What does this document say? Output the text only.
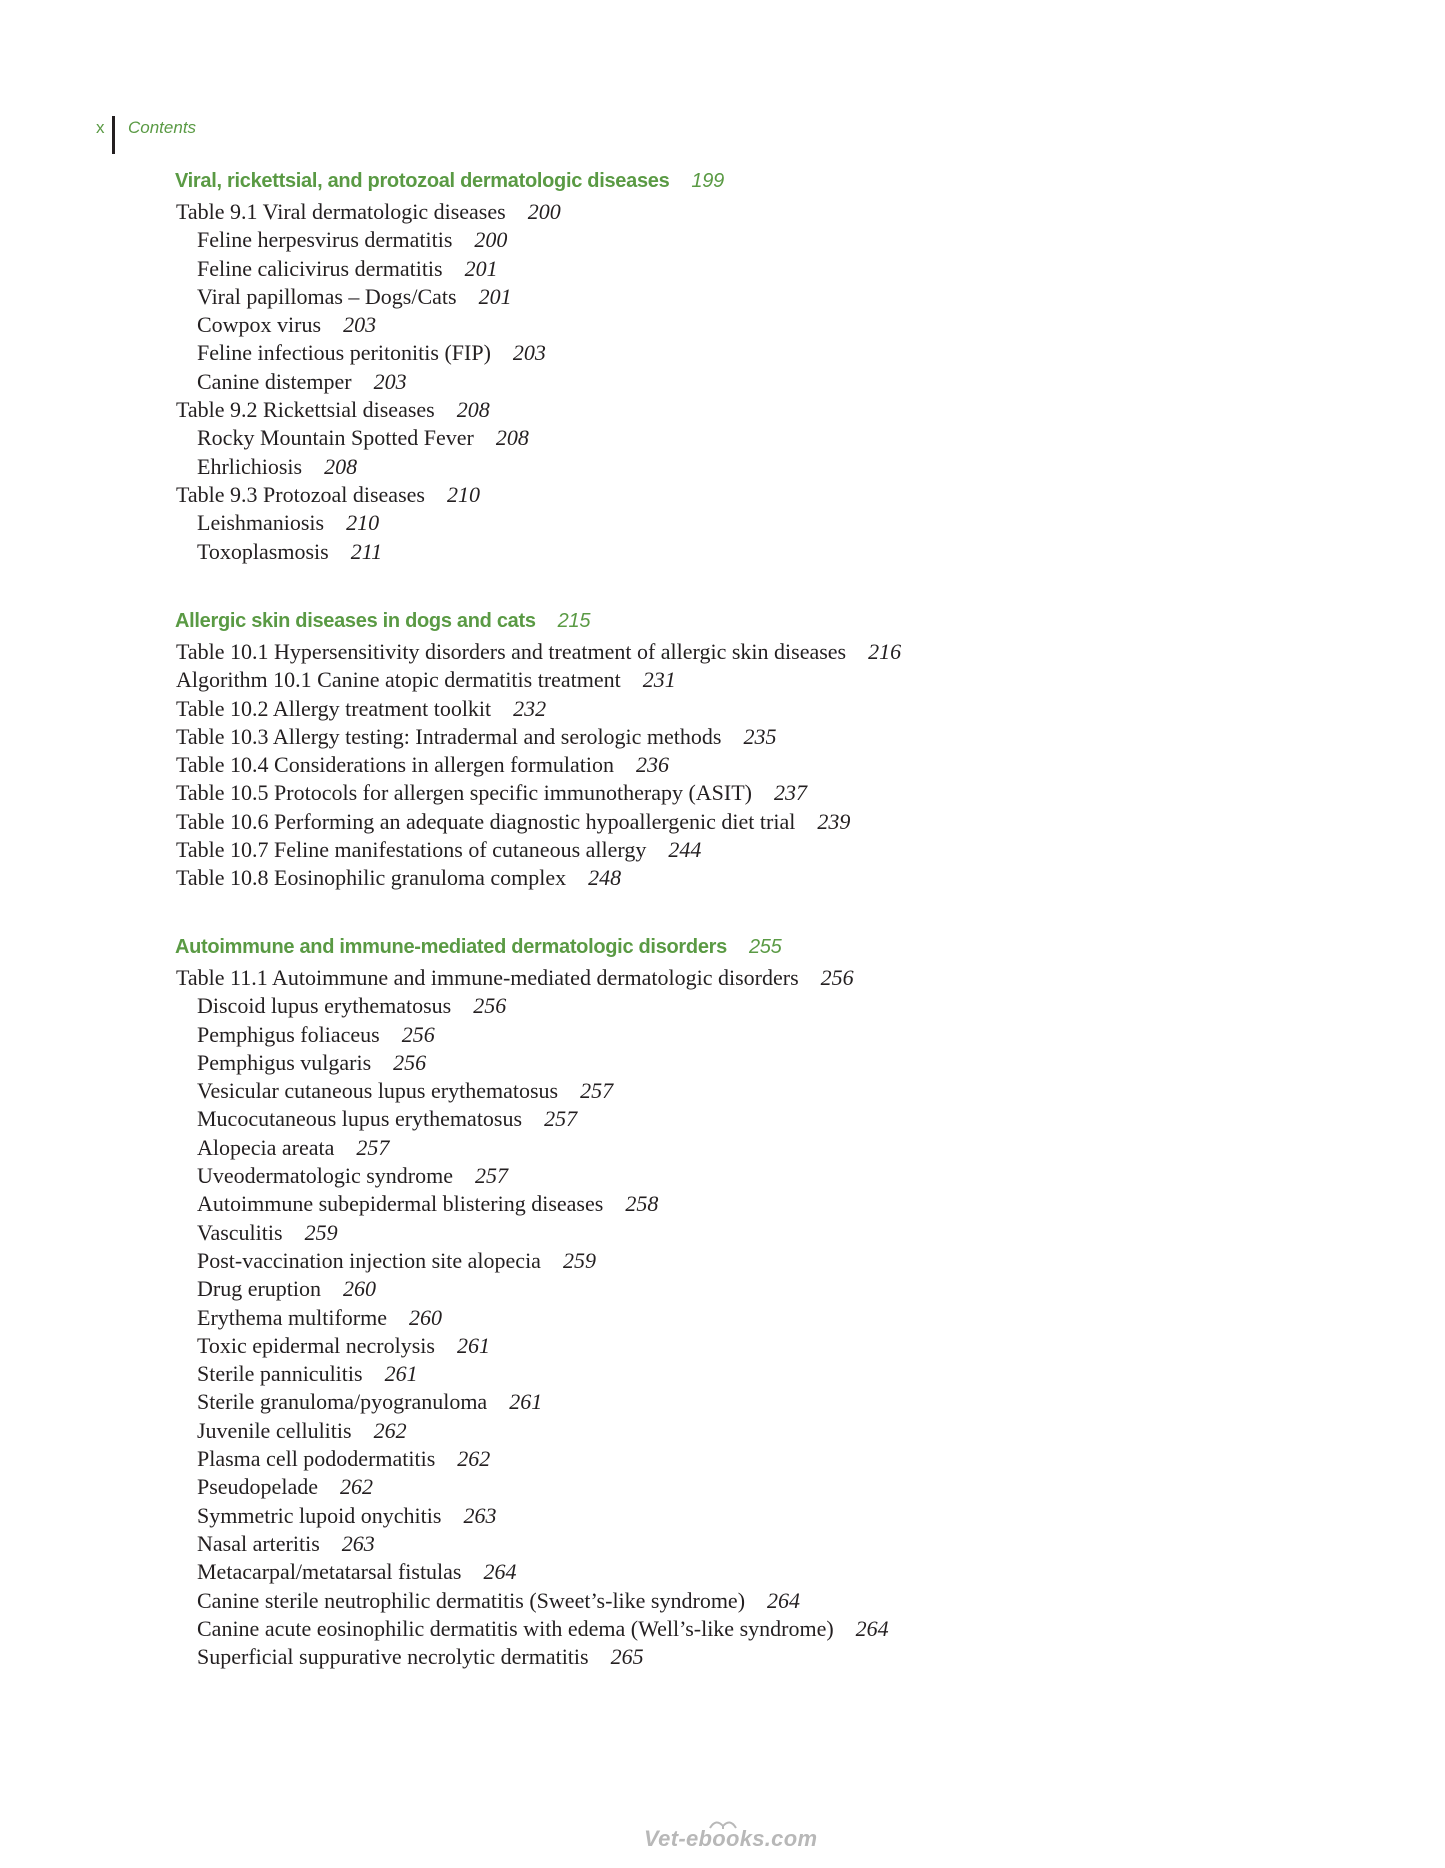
x Contents
Viral, rickettsial, and protozoal dermatologic diseases 199
Table 9.1 Viral dermatologic diseases 200
Feline herpesvirus dermatitis 200
Feline calicivirus dermatitis 201
Viral papillomas – Dogs/Cats 201
Cowpox virus 203
Feline infectious peritonitis (FIP) 203
Canine distemper 203
Table 9.2 Rickettsial diseases 208
Rocky Mountain Spotted Fever 208
Ehrlichiosis 208
Table 9.3 Protozoal diseases 210
Leishmaniosis 210
Toxoplasmosis 211
Allergic skin diseases in dogs and cats 215
Table 10.1 Hypersensitivity disorders and treatment of allergic skin diseases 216
Algorithm 10.1 Canine atopic dermatitis treatment 231
Table 10.2 Allergy treatment toolkit 232
Table 10.3 Allergy testing: Intradermal and serologic methods 235
Table 10.4 Considerations in allergen formulation 236
Table 10.5 Protocols for allergen specific immunotherapy (ASIT) 237
Table 10.6 Performing an adequate diagnostic hypoallergenic diet trial 239
Table 10.7 Feline manifestations of cutaneous allergy 244
Table 10.8 Eosinophilic granuloma complex 248
Autoimmune and immune-mediated dermatologic disorders 255
Table 11.1 Autoimmune and immune-mediated dermatologic disorders 256
Discoid lupus erythematosus 256
Pemphigus foliaceus 256
Pemphigus vulgaris 256
Vesicular cutaneous lupus erythematosus 257
Mucocutaneous lupus erythematosus 257
Alopecia areata 257
Uveodermatologic syndrome 257
Autoimmune subepidermal blistering diseases 258
Vasculitis 259
Post-vaccination injection site alopecia 259
Drug eruption 260
Erythema multiforme 260
Toxic epidermal necrolysis 261
Sterile panniculitis 261
Sterile granuloma/pyogranuloma 261
Juvenile cellulitis 262
Plasma cell pododermatitis 262
Pseudopelade 262
Symmetric lupoid onychitis 263
Nasal arteritis 263
Metacarpal/metatarsal fistulas 264
Canine sterile neutrophilic dermatitis (Sweet’s-like syndrome) 264
Canine acute eosinophilic dermatitis with edema (Well’s-like syndrome) 264
Superficial suppurative necrolytic dermatitis 265
Vet-ebooks.com
